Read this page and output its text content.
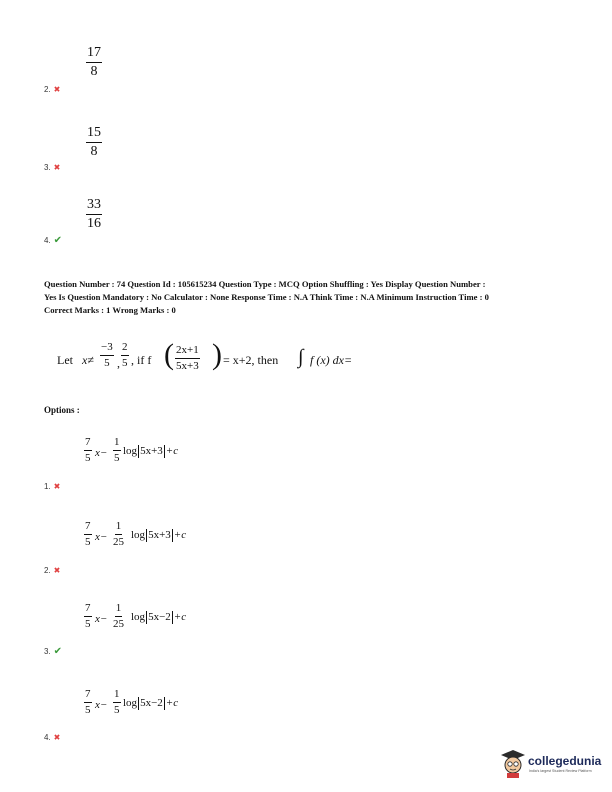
$\frac{17}{8}$
2. ✖
$\frac{15}{8}$
3. ✖
$\frac{33}{16}$
4. ✔
Question Number : 74 Question Id : 105615234 Question Type : MCQ Option Shuffling : Yes Display Question Number :
Yes Is Question Mandatory : No Calculator : None Response Time : N.A Think Time : N.A Minimum Instruction Time : 0
Correct Marks : 1 Wrong Marks : 0
Let $x\ne \frac{-3}{5}$ , $\frac{2}{5}$ , if f ( $\frac{2x+1}{5x+3}$ ) = x+2, then ∫ f (x) dx=
Options :
$\frac{7}{5} x- \frac{1}{5}$ log 5x+3 +c
1. ✖
$\frac{7}{5} x- \frac{1}{25}$ log 5x+3 +c
2. ✖
$\frac{7}{5} x- \frac{1}{25}$ log 5x−2 +c
3. ✔
$\frac{7}{5} x- \frac{1}{5}$ log 5x−2 +c
4. ✖
collegedunia
India's largest Student Review Platform
